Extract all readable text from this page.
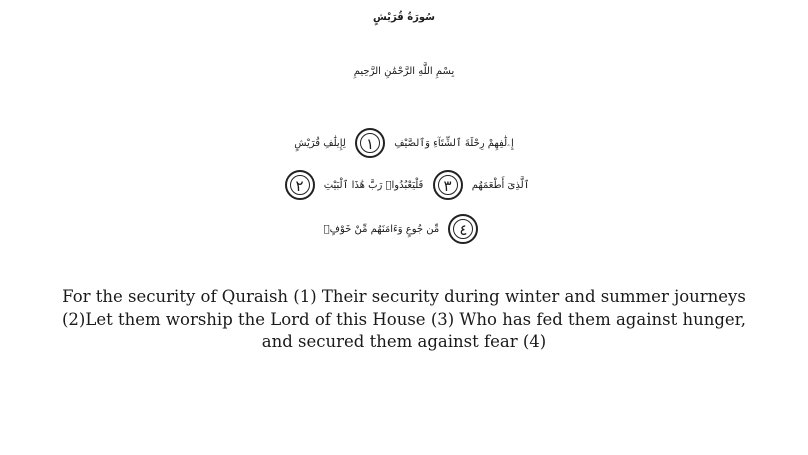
سُورَةُ قُرَيْشٍ
بِسْمِ اللَّهِ الرَّحْمَٰنِ الرَّحِيمِ
إِۦلَٰفِهِمْ رِحْلَةَ ٱلشِّتَآءِ وَٱلصَّيْفِ ١ لِإِيلَٰفِ قُرَيْشٍ
ٱلَّذِىٓ أَطْعَمَهُم ٣ فَلْيَعْبُدُوا۟ رَبَّ هَٰذَا ٱلْبَيْتِ ٢
٤ مِّن جُوعٍ وَءَامَنَهُم مِّنْ خَوْفٍۭ
For the security of Quraish (1) Their security during winter and summer journeys (2)Let them worship the Lord of this House (3) Who has fed them against hunger, and secured them against fear (4)
